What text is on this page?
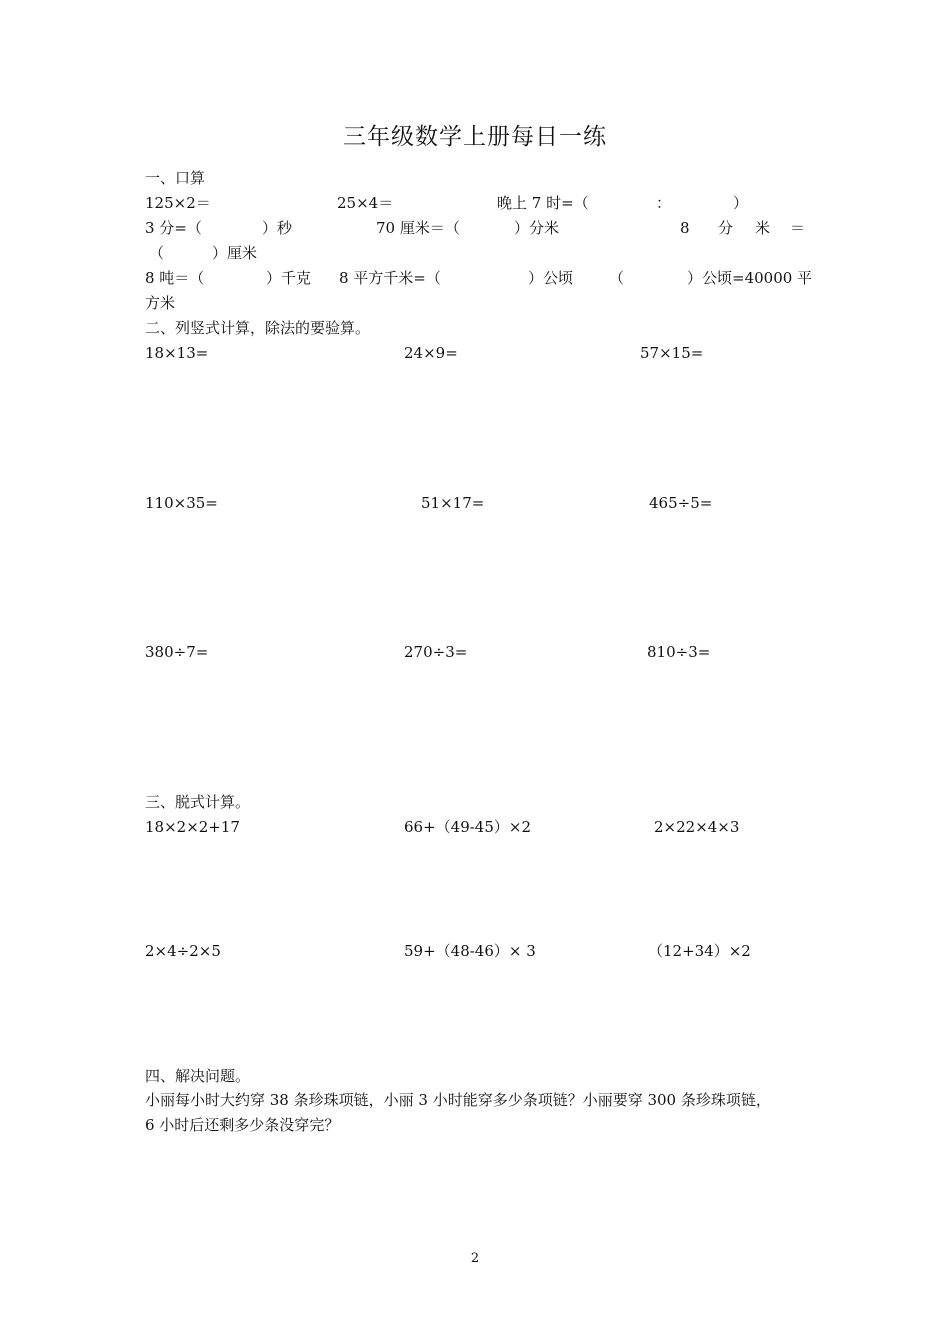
三年级数学上册每日一练
一、口算
125×2＝	25×4＝	晚上 7 时=（	：	）
3 分=（	）秒	70 厘米＝（	）分米	8 分 米 ＝
（	）厘米
8 吨＝（	）千克 8 平方千米=（	）公顷 （	）公顷=40000 平
方米
二、列竖式计算，除法的要验算。
18×13=	24×9=	57×15=
110×35=	51×17=	465÷5=
380÷7=	270÷3=	810÷3=
三、脱式计算。
18×2×2+17	66+（49-45）×2	2×22×4×3
2×4÷2×5	59+（48-46）× 3	（12+34）×2
四、解决问题。
小丽每小时大约穿 38 条珍珠项链，小丽 3 小时能穿多少条项链？小丽要穿 300 条珍珠项链，
6 小时后还剩多少条没穿完？
2
